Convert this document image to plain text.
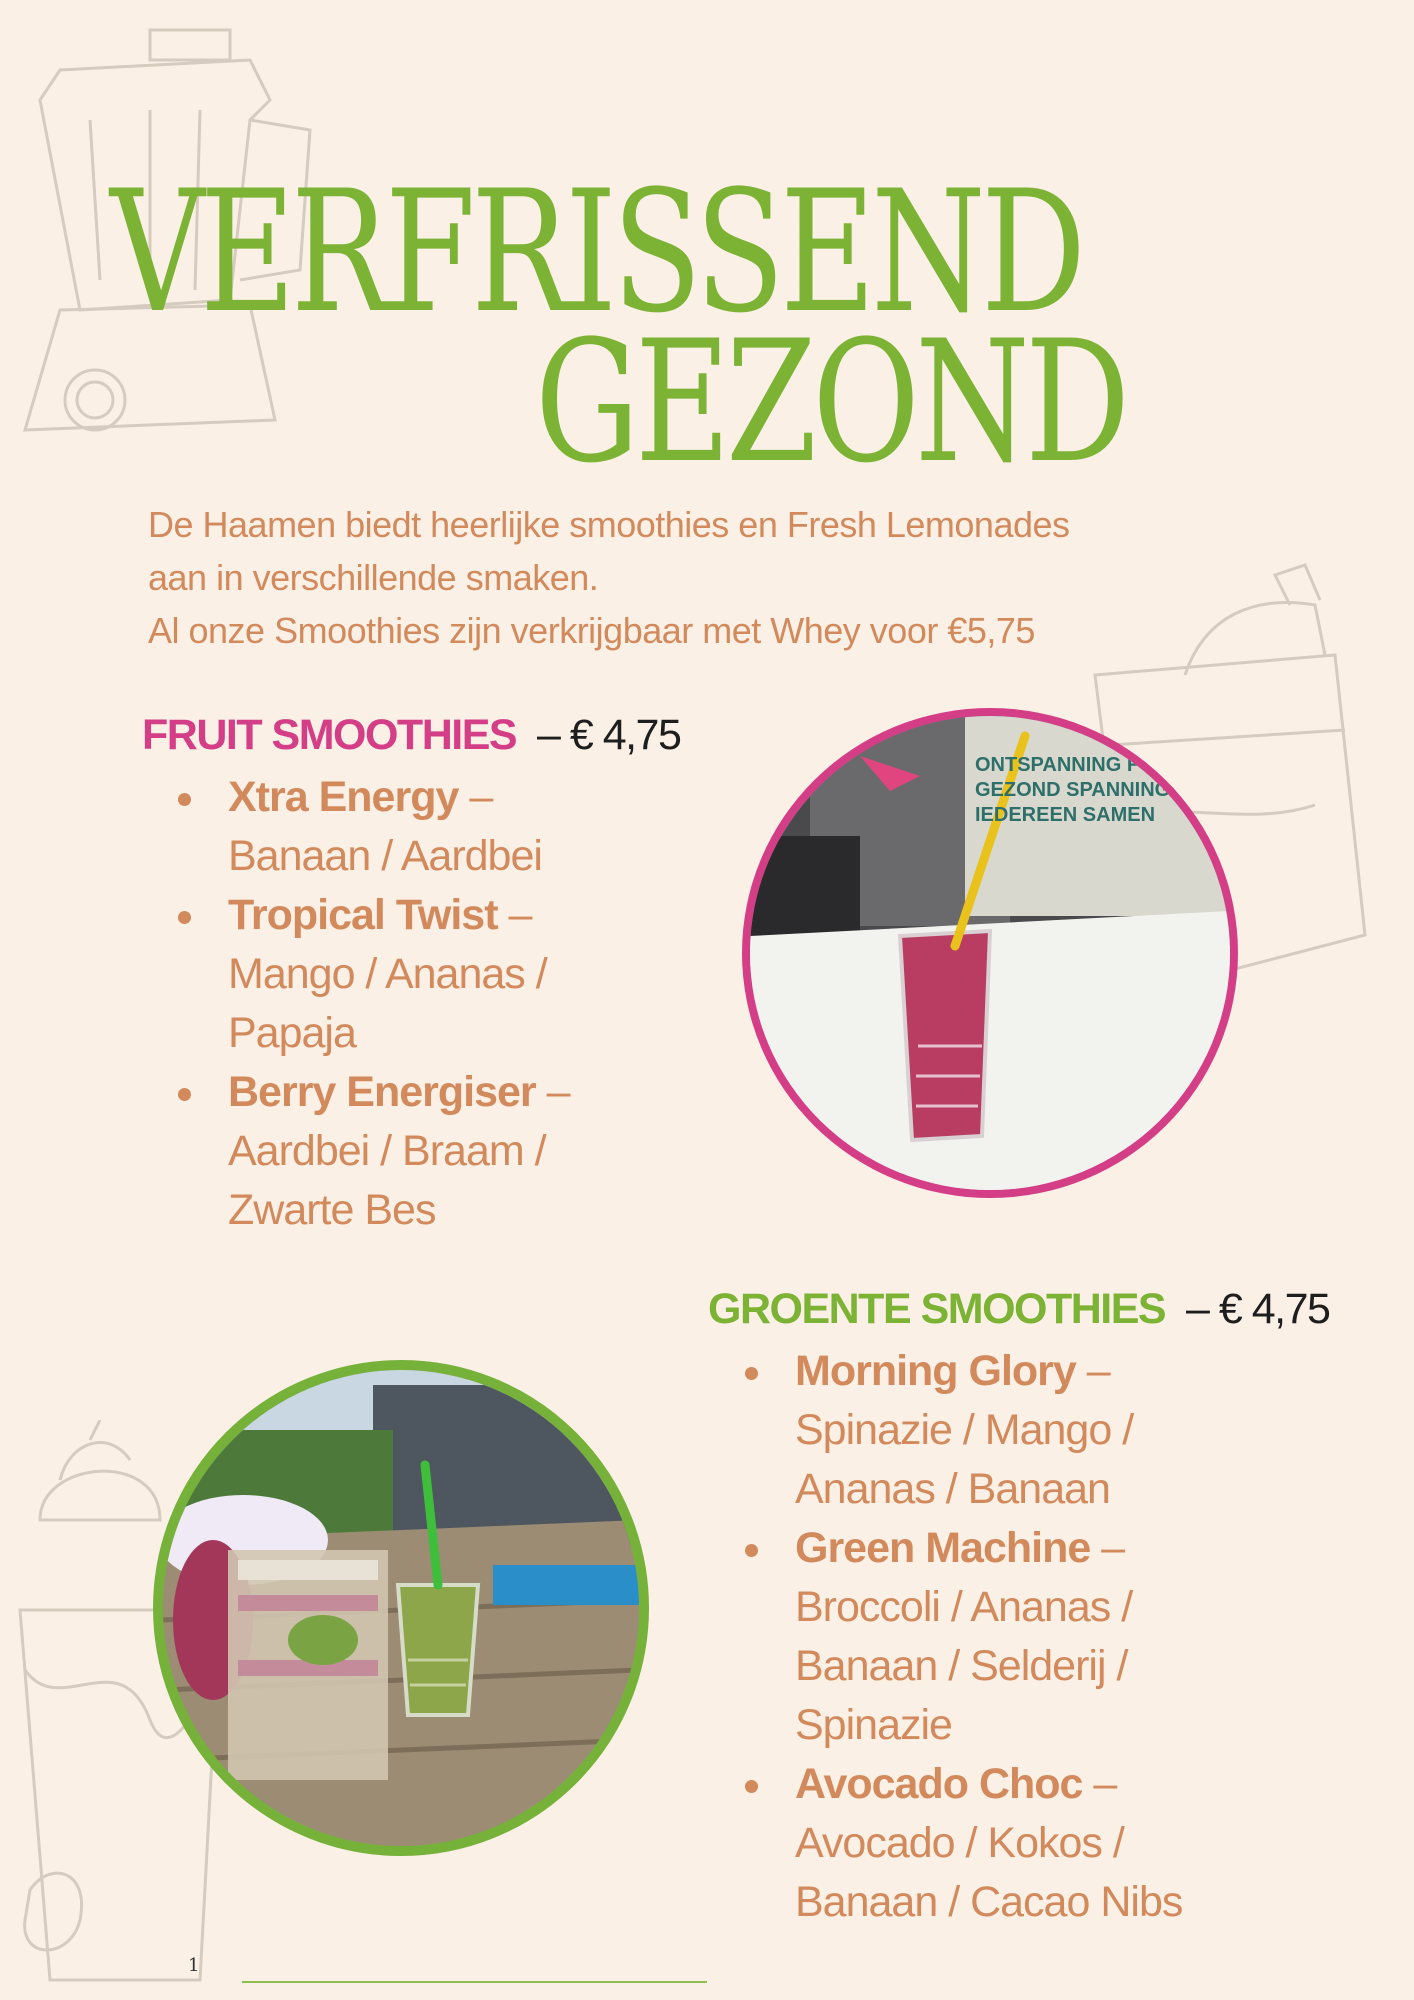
VERFRISSEND
GEZOND

De Haamen biedt heerlijke smoothies en Fresh Lemonades

aan in verschillende smaken.

Al onze Smoothies zijn verkrijgbaar met Whey voor €5,75

FRUIT SMOOTHIES – € 4,75
Xtra Energy –
Banaan / Aardbei
Tropical Twist –
Mango / Ananas / Papaja
Berry Energiser –
Aardbei / Braam / Zwarte Bes
ONTSPANNING FO
GEZOND SPANNING
IEDEREEN SAMEN
GROENTE SMOOTHIES – € 4,75
Morning Glory –
Spinazie / Mango / Ananas / Banaan
Green Machine –
Broccoli / Ananas / Banaan / Selderij / Spinazie
Avocado Choc –
Avocado / Kokos / Banaan / Cacao Nibs
1
